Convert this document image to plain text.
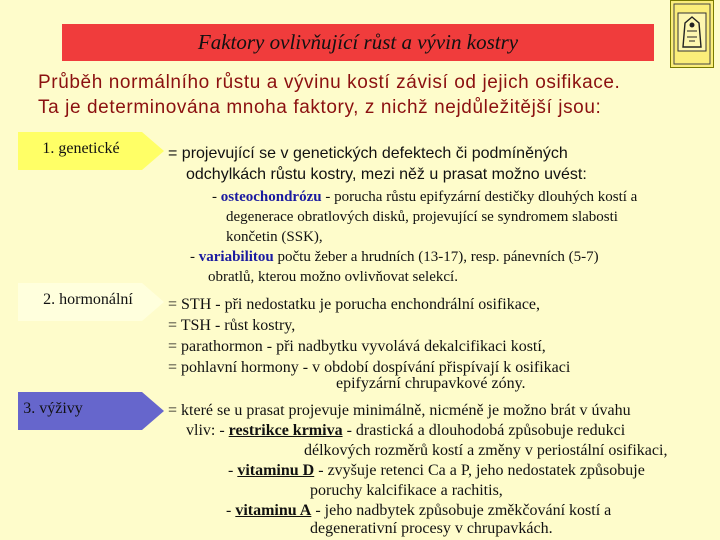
Faktory ovlivňující růst a vývin kostry
Průběh normálního růstu a vývinu kostí závisí od jejich osifikace.
Ta je determinována mnoha faktory, z nichž nejdůležitější jsou:
1. genetické
2. hormonální
3. výživy
= projevující se v genetických defektech či podmíněných
odchylkách růstu kostry, mezi něž u prasat možno uvést:
- osteochondrózu - porucha růstu epifyzární destičky dlouhých kostí a
degenerace obratlových disků, projevující se syndromem slabosti
končetin (SSK),
- variabilitou počtu žeber a hrudních (13-17), resp. pánevních (5-7)
obratlů, kterou možno ovlivňovat selekcí.
= STH - při nedostatku je porucha enchondrální osifikace,
= TSH - růst kostry,
= parathormon - při nadbytku vyvolává dekalcifikaci kostí,
= pohlavní hormony - v období dospívání přispívají k osifikaci
epifyzární chrupavkové zóny.
= které se u prasat projevuje minimálně, nicméně je možno brát v úvahu
vliv: - restrikce krmiva - drastická a dlouhodobá způsobuje redukci
délkových rozměrů kostí a změny v periostální osifikaci,
- vitaminu D - zvyšuje retenci Ca a P, jeho nedostatek způsobuje
poruchy kalcifikace a rachitis,
- vitaminu A - jeho nadbytek způsobuje změkčování kostí a
degenerativní procesy v chrupavkách.
